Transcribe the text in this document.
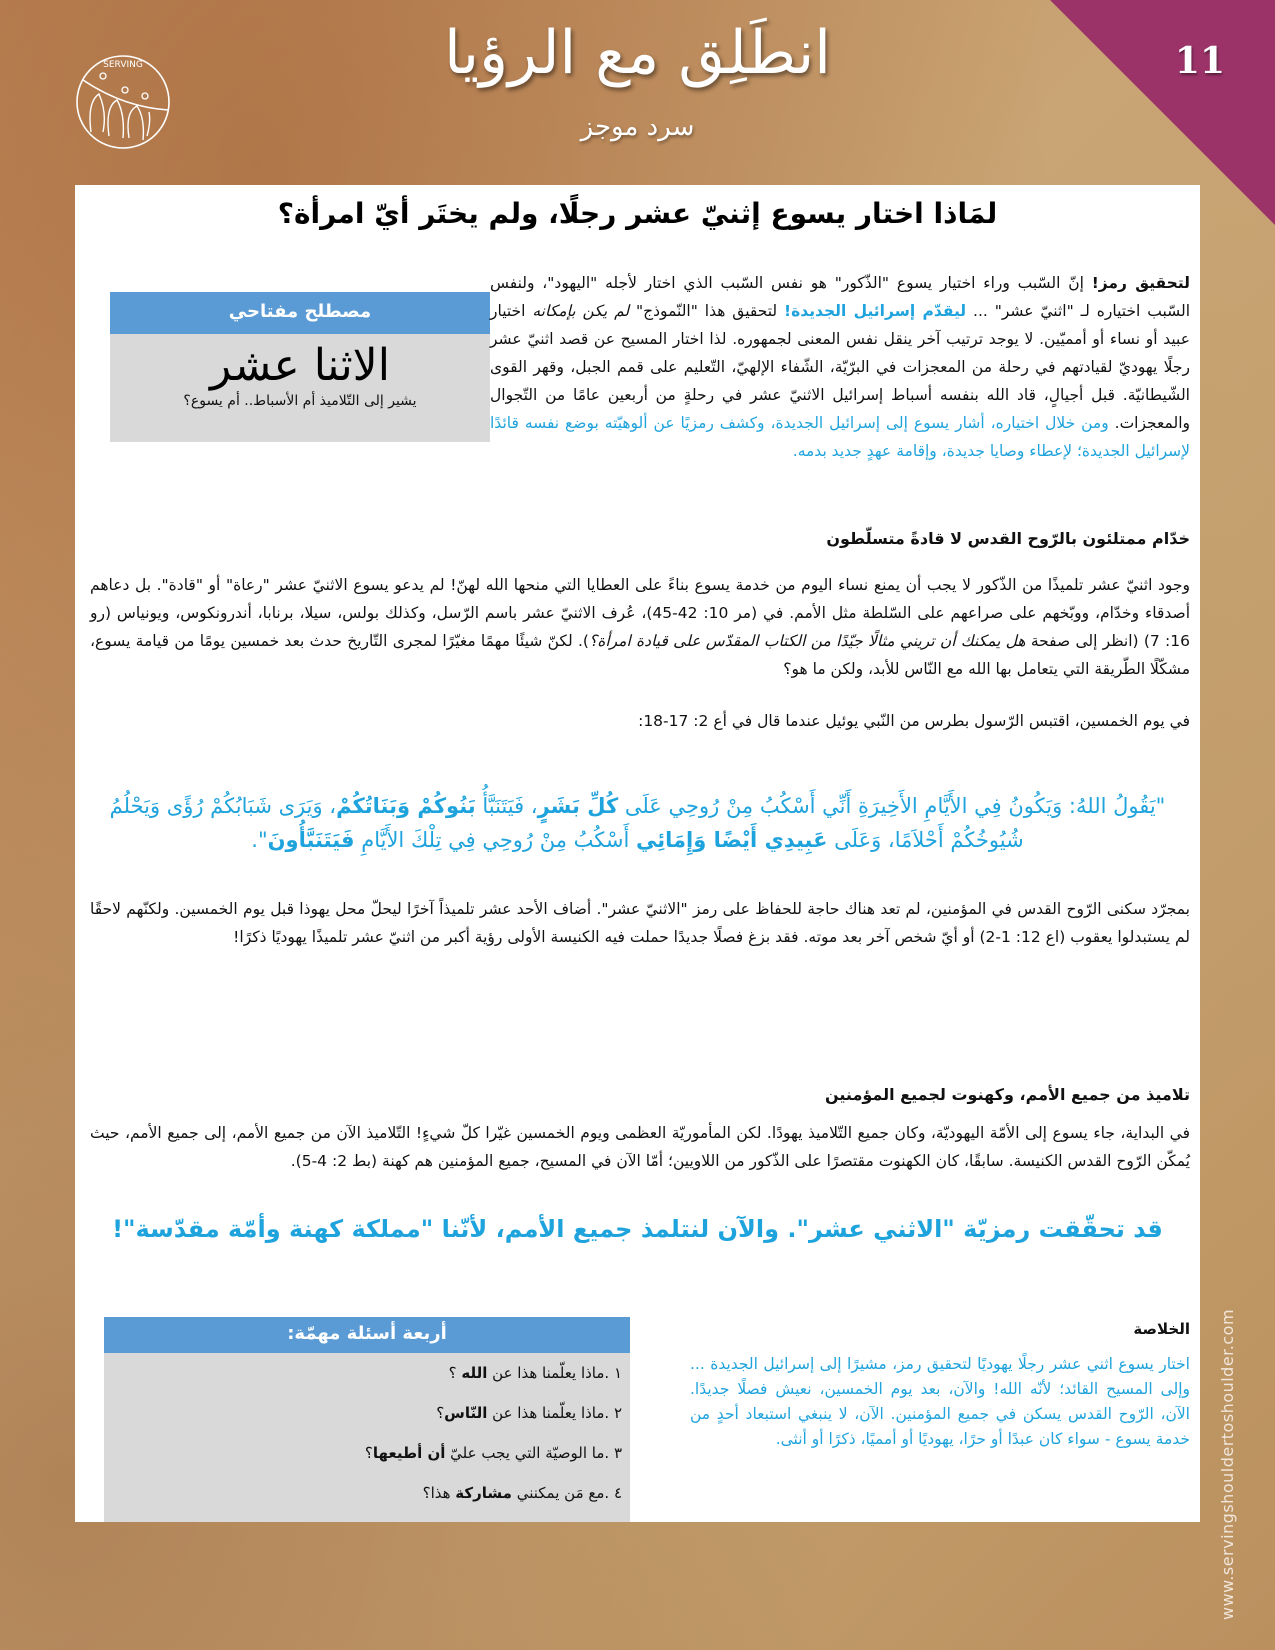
11
SERVING	انطَلِق مع الرؤيا
سرد موجز
www.servingshouldertoshoulder.com
لمَاذا اختار يسوع إثنيّ عشر رجلًا، ولم يختَر أيّ امرأة؟
مصطلح مفتاحي
الاثنا عشر
يشير إلى التّلاميذ أم الأسباط.. أم يسوع؟
لتحقيق رمز! إنّ السّبب وراء اختيار يسوع "الذّكور" هو نفس السّبب الذي اختار لأجله "اليهود"، ولنفس السّبب اختياره لـ "اثنيّ عشر" ... ليقدّم إسرائيل الجديدة! لتحقيق هذا "النّموذج" لم يكن بإمكانه اختيار عبيد أو نساء أو أمميّين. لا يوجد ترتيب آخر ينقل نفس المعنى لجمهوره. لذا اختار المسيح عن قصد اثنيّ عشر رجلًا يهوديّ لقيادتهم في رحلة من المعجزات في البرّيّة، الشّفاء الإلهيّ، التّعليم على قمم الجبل، وقهر القوى الشّيطانيّة. قبل أجيالٍ، قاد الله بنفسه أسباط إسرائيل الاثنيّ عشر في رحلةٍ من أربعين عامًا من التّجوال والمعجزات. ومن خلال اختياره، أشار يسوع إلى إسرائيل الجديدة، وكشف رمزيًا عن ألوهيّته بوضع نفسه قائدًا لإسرائيل الجديدة؛ لإعطاء وصايا جديدة، وإقامة عهدٍ جديد بدمه.
خدّام ممتلئون بالرّوح القدس لا قادةً متسلّطون
وجود اثنيّ عشر تلميذًا من الذّكور لا يجب أن يمنع نساء اليوم من خدمة يسوع بناءً على العطايا التي منحها الله لهنّ! لم يدعو يسوع الاثنيّ عشر "رعاة" أو "قادة". بل دعاهم أصدقاء وخدّام، ووبّخهم على صراعهم على السّلطة مثل الأمم. في (مر 10: 42-45)، عُرف الاثنيّ عشر باسم الرّسل، وكذلك بولس، سيلا، برنابا، أندرونكوس، ويونياس (رو 16: 7) (انظر إلى صفحة هل يمكنك أن تريني مثالًا جيّدًا من الكتاب المقدّس على قيادة امرأة؟). لكنّ شيئًا مهمًا مغيّرًا لمجرى التّاريخ حدث بعد خمسين يومًا من قيامة يسوع، مشكّلًا الطّريقة التي يتعامل بها الله مع النّاس للأبد، ولكن ما هو؟
في يوم الخمسين، اقتبس الرّسول بطرس من النّبي يوئيل عندما قال في أع 2: 17-18:
"يَقُولُ اللهُ: وَيَكُونُ فِي الأَيَّامِ الأَخِيرَةِ أَنِّي أَسْكُبُ مِنْ رُوحِي عَلَى كُلِّ بَشَرٍ، فَيَتَنَبَّأُ بَنُوكُمْ وَبَنَاتُكُمْ، وَيَرَى شَبَابُكُمْ رُؤًى وَيَحْلُمُ شُيُوخُكُمْ أَحْلاَمًا، وَعَلَى عَبِيدِي أَيْضًا وَإِمَائِي أَسْكُبُ مِنْ رُوحِي فِي تِلْكَ الأَيَّامِ فَيَتَنَبَّأُونَ".
بمجرّد سكنى الرّوح القدس في المؤمنين، لم تعد هناك حاجة للحفاظ على رمز "الاثنيّ عشر". أضاف الأحد عشر تلميذاً آخرًا ليحلّ محل يهوذا قبل يوم الخمسين. ولكنّهم لاحقًا لم يستبدلوا يعقوب (اع 12: 1-2) أو أيّ شخص آخر بعد موته. فقد بزغ فصلًا جديدًا حملت فيه الكنيسة الأولى رؤية أكبر من اثنيّ عشر تلميذًا يهوديًا ذكرًا!
تلاميذ من جميع الأمم، وكهنوت لجميع المؤمنين
في البداية، جاء يسوع إلى الأمّة اليهوديّة، وكان جميع التّلاميذ يهودًا. لكن المأموريّة العظمى ويوم الخمسين غيّرا كلّ شيءٍ! التّلاميذ الآن من جميع الأمم، إلى جميع الأمم، حيث يُمكّن الرّوح القدس الكنيسة. سابقًا، كان الكهنوت مقتصرًا على الذّكور من اللاويين؛ أمّا الآن في المسيح، جميع المؤمنين هم كهنة (بط 2: 4-5).
قد تحقّقت رمزيّة "الاثني عشر". والآن لنتلمذ جميع الأمم، لأنّنا "مملكة كهنة وأمّة مقدّسة"!
أربعة أسئلة مهمّة:
١ .ماذا يعلّمنا هذا عن الله ؟
٢ .ماذا يعلّمنا هذا عن النّاس؟
٣ .ما الوصيّة التي يجب عليّ أن أطيعها؟
٤ .مع مَن يمكنني مشاركة هذا؟
الخلاصة
اختار يسوع اثني عشر رجلًا يهوديًا لتحقيق رمز، مشيرًا إلى إسرائيل الجديدة ... وإلى المسيح القائد؛ لأنّه الله! والآن، بعد يوم الخمسين، نعيش فصلًا جديدًا. الآن، الرّوح القدس يسكن في جميع المؤمنين. الآن، لا ينبغي استبعاد أحدٍ من خدمة يسوع - سواء كان عبدًا أو حرًا، يهوديًا أو أمميًا، ذكرًا أو أنثى.
